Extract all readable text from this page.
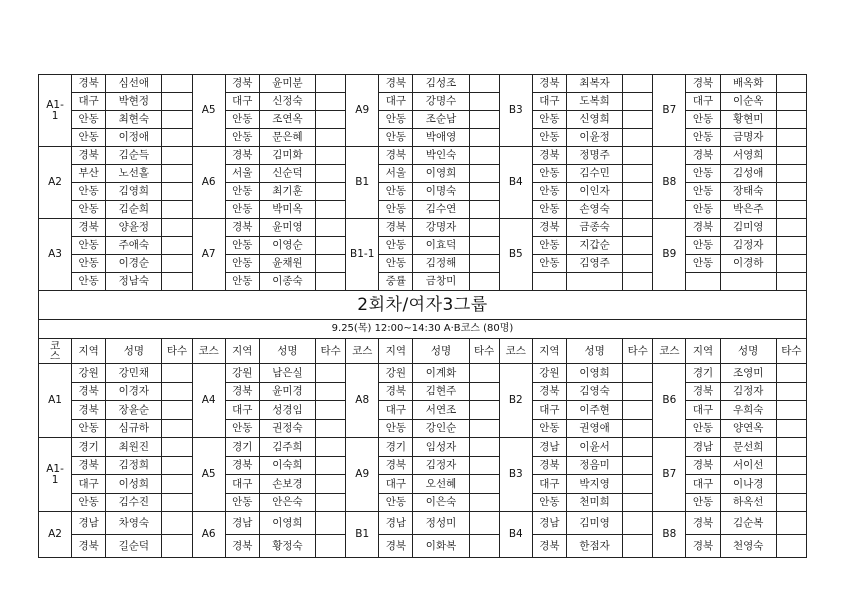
A1-
1	경북	심선애		A5	경북	윤미분		A9	경북	김성조		B3	경북	최복자		B7	경북	배옥화	
	대구	박현정			대구	신정숙			대구	강명수			대구	도복희			대구	이순옥	
	안동	최현숙			안동	조연옥			안동	조순남			안동	신영희			안동	황현미	
	안동	이정애			안동	문은혜			안동	박애영			안동	이윤정			안동	금명자	
A2	경북	김순득		A6	경북	김미화		B1	경북	박인숙		B4	경북	정명주		B8	경북	서영희	
	부산	노선홀			서울	신순덕			서울	이영희			안동	김수민			안동	김성애	
	안동	김영희			안동	최기훈			안동	이명숙			안동	이인자			안동	장태숙	
	안동	김순희			안동	박미옥			안동	김수연			안동	손영숙			안동	박은주	
A3	경북	양윤정		A7	경북	윤미영		B1-1	경북	강명자		B5	경북	금종숙		B9	경북	김미영	
	안동	주애숙			안동	이영순			안동	이효덕			안동	지갑순			안동	김정자	
	안동	이경순			안동	윤채원			안동	김정해			안동	김영주			안동	이경하	
	안동	정남숙			안동	이종숙			중률	금창미									
2회차/여자3그룹																			
9.25(목) 12:00~14:30 A·B코스 (80명)																			
코
스	지역	성명	타수	코스	지역	성명	타수	코스	지역	성명	타수	코스	지역	성명	타수	코스	지역	성명	타수
A1	강원	강민채		A4	강원	남은실		A8	강원	이계화		B2	강원	이영희		B6	경기	조영미	
	경북	이경자			경북	윤미경			경북	김현주			경북	김영숙			경북	김정자	
	경북	장윤순			대구	성경임			대구	서연조			대구	이주현			대구	우희숙	
	안동	심규하			안동	권정숙			안동	강인순			안동	권영애			안동	양연옥	
A1-
1	경기	최원진		A5	경기	김주희		A9	경기	임성자		B3	경남	이윤서		B7	경남	문선희	
	경북	김정희			경북	이숙희			경북	김정자			경북	정음미			경북	서이선	
	대구	이성희			대구	손보경			대구	오선혜			대구	박지영			대구	이나경	
	안동	김수진			안동	안은숙			안동	이은숙			안동	천미희			안동	하옥선	
A2	경남	차영숙		A6	경남	이영희		B1	경남	정성미		B4	경남	김미영		B8	경북	김순복	
	경북	길순덕			경북	황정숙			경북	이화복			경북	한점자			경북	천영숙	
